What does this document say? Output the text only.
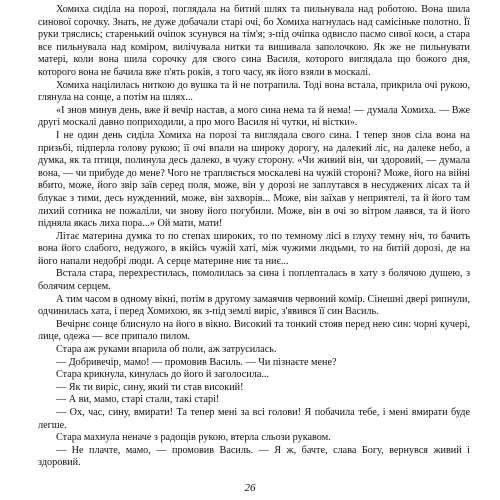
Хомиха сиділа на порозі, поглядала на битий шлях та пильнувала над роботою. Вона шила синової сорочку. Знать, не дуже добачали старі очі, бо Хомиха нагнулась над самісіньке полотно. Її руки тряслись; старенький очіпок зсунувся на тім'я; з-під очіпка одвисло пасмо сивої коси, а стара все пильнувала над коміром, вилічувала нитки та вишивала заполочкою. Як же не пильнувати матері, коли вона шила сорочку для свого сина Василя, которого виглядала що божого дня, которого вона не бачила вже п'ять років, з того часу, як його взяли в москалі.

Хомиха націлилась ниткою до вушка та й не потрапила. Тоді вона встала, прикрила очі рукою, глянула на сонце, а потім на шлях...

«І знов минув день, вже й вечір настав, а мого сина нема та й нема! — думала Хомиха. — Вже другі москалі давно поприходили, а про мого Василя ні чутки, ні вістки».

І не один день сиділа Хомиха на порозі та виглядала свого сина. І тепер знов сіла вона на призьбі, підперла голову рукою; її очі впали на широку дорогу, на далекий ліс, на далеке небо, а думка, як та птиця, полинула десь далеко, в чужу сторону. «Чи живий він, чи здоровий, — думала вона, — чи прибуде до мене? Чого не трапляється москалеві на чужій стороні? Може, його на війні вбито, може, його звір заїв серед поля, може, він у дорозі не заплутався в несуджених лісах та й блукає з тими, десь нужденний, може, він захворів... Може, він заїхав у неприятелі, та й його там лихий сотника не пожаліли, чи знову його погубили. Може, він в очі зо вітром лаявся, та й його підняла якась лиха пора...» Ой мати, мати!

Літає материна думка то по степах широких, то по темному лісі в глуху темну ніч, то бачить вона його слабого, недужого, в якійсь чужій хаті, між чужими людьми, то на битій дорозі, де на його напали недобрі люди. А серце материне ниє та ниє...

Встала стара, перехрестилась, помолилась за сина і поплenталась в хату з болячою душею, з болячим серцем.

А тим часом в одному вікні, потім в другому замаячив червоний комір. Сінешні двері рипнули, одчинилась хата, і перед Хомихою, як з-під землі виріс, з'явився її син Василь.

Вечірнє сонце блиснуло на його в вікно. Високий та тонкий стояв перед нею син: чорні кучері, лице, одежа — все припало пилом.

Стара аж руками впарила об поли, аж затрусилась.

— Добривечір, мамо! — промовив Василь. — Чи пізнаєте мене?

Стара крикнула, кинулась до його й заголосила...

— Як ти виріс, сину, який ти став високий!

— А ви, мамо, старі стали, такі старі!

— Ох, час, сину, вмирати! Та тепер мені за всі голови! Я побачила тебе, і мені вмирати буде легше.

Стара махнула неначе з радощів рукою, втерла сльози рукавом.

— Не плачте, мамо, — промовив Василь. — Я ж, бачте, слава Богу, вернувся живий і здоровий.

26
